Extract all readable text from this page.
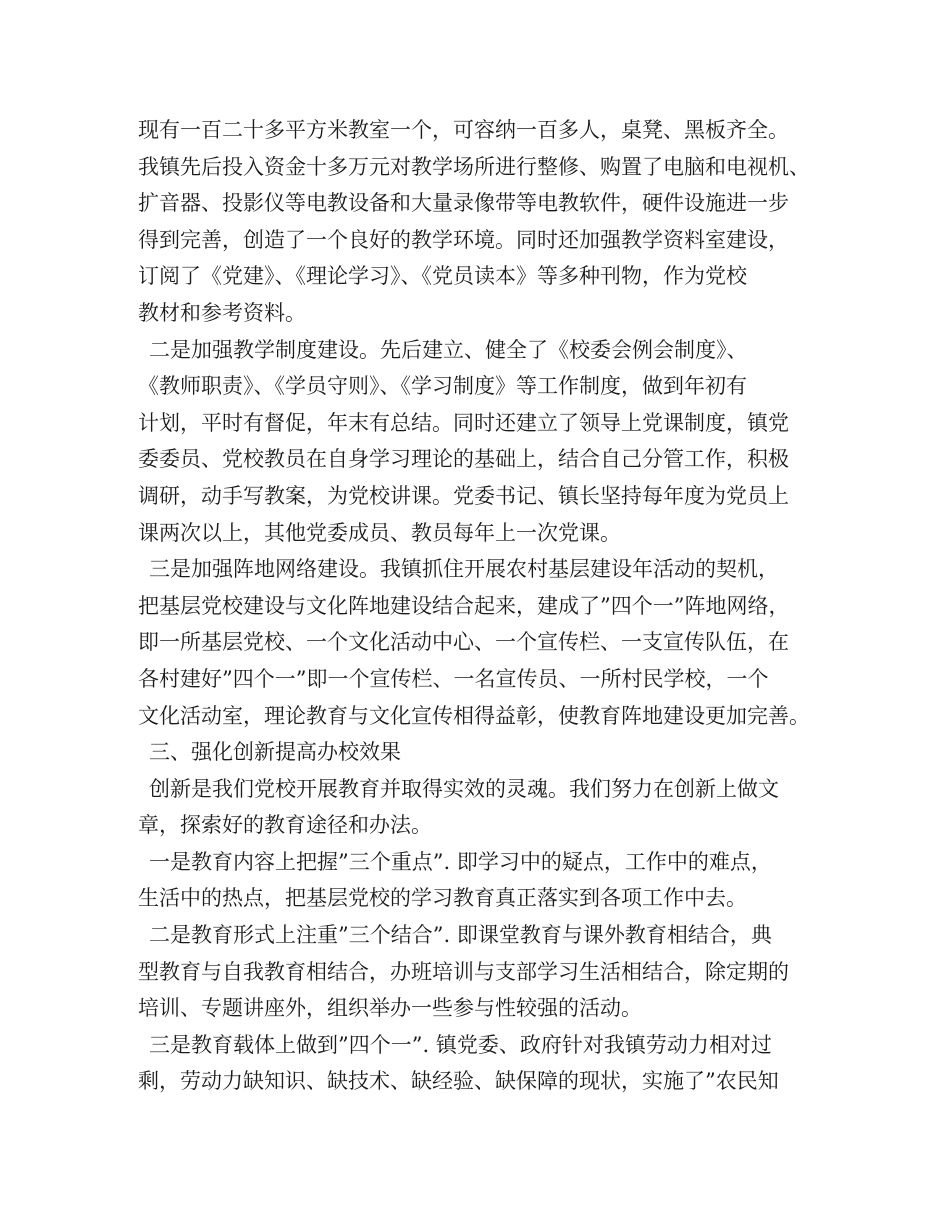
现有一百二十多平方米教室一个，可容纳一百多人，桌凳、黑板齐全。
我镇先后投入资金十多万元对教学场所进行整修、购置了电脑和电视机、
扩音器、投影仪等电教设备和大量录像带等电教软件，硬件设施进一步
得到完善，创造了一个良好的教学环境。同时还加强教学资料室建设，
订阅了《党建》、《理论学习》、《党员读本》等多种刊物，作为党校
教材和参考资料。
二是加强教学制度建设。先后建立、健全了《校委会例会制度》、
《教师职责》、《学员守则》、《学习制度》等工作制度，做到年初有
计划，平时有督促，年末有总结。同时还建立了领导上党课制度，镇党
委委员、党校教员在自身学习理论的基础上，结合自己分管工作，积极
调研，动手写教案，为党校讲课。党委书记、镇长坚持每年度为党员上
课两次以上，其他党委成员、教员每年上一次党课。
三是加强阵地网络建设。我镇抓住开展农村基层建设年活动的契机，
把基层党校建设与文化阵地建设结合起来，建成了”四个一”阵地网络，
即一所基层党校、一个文化活动中心、一个宣传栏、一支宣传队伍，在
各村建好”四个一”即一个宣传栏、一名宣传员、一所村民学校，一个
文化活动室，理论教育与文化宣传相得益彰，使教育阵地建设更加完善。
三、强化创新提高办校效果
创新是我们党校开展教育并取得实效的灵魂。我们努力在创新上做文
章，探索好的教育途径和办法。
一是教育内容上把握”三个重点”. 即学习中的疑点，工作中的难点，
生活中的热点，把基层党校的学习教育真正落实到各项工作中去。
二是教育形式上注重”三个结合”. 即课堂教育与课外教育相结合，典
型教育与自我教育相结合，办班培训与支部学习生活相结合，除定期的
培训、专题讲座外，组织举办一些参与性较强的活动。
三是教育载体上做到”四个一”. 镇党委、政府针对我镇劳动力相对过
剩，劳动力缺知识、缺技术、缺经验、缺保障的现状，实施了”农民知
